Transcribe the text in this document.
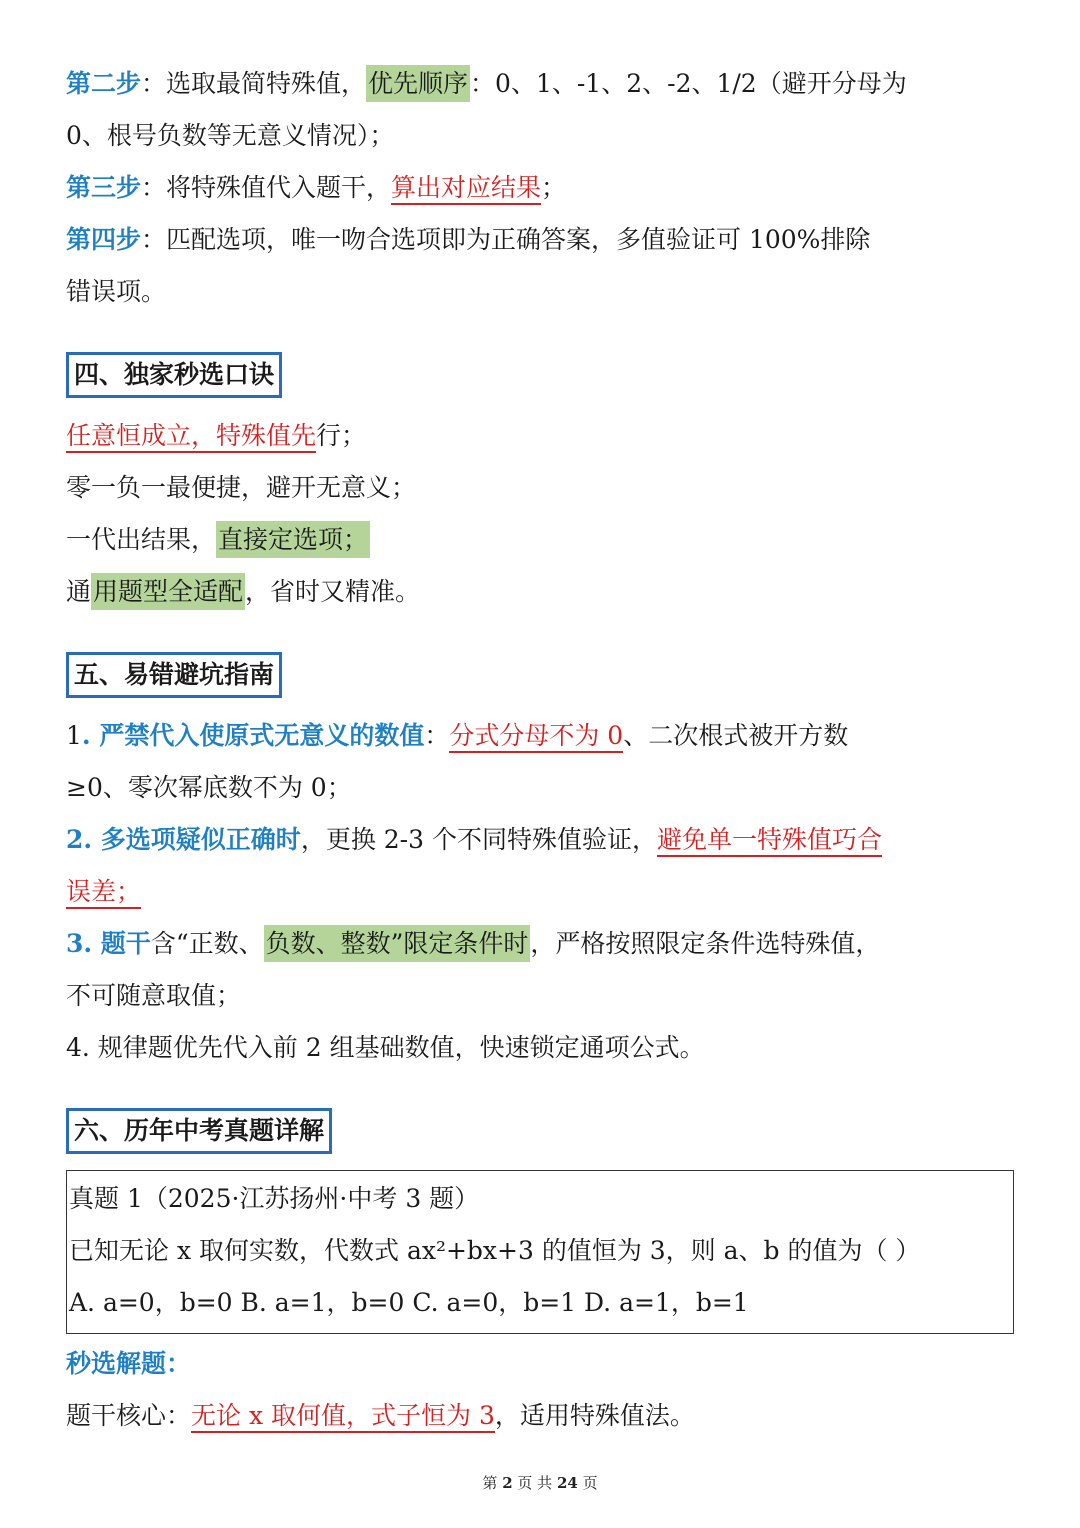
第二步：选取最简特殊值，优先顺序：0、1、-1、2、-2、1/2（避开分母为
0、根号负数等无意义情况）；
第三步：将特殊值代入题干，算出对应结果；
第四步：匹配选项，唯一吻合选项即为正确答案，多值验证可 100%排除
错误项。
四、独家秒选口诀
任意恒成立，特殊值先行；
零一负一最便捷，避开无意义；
一代出结果，直接定选项；
通用题型全适配，省时又精准。
五、易错避坑指南
1. 严禁代入使原式无意义的数值：分式分母不为 0、二次根式被开方数
≥0、零次幂底数不为 0；
2. 多选项疑似正确时，更换 2-3 个不同特殊值验证，避免单一特殊值巧合
误差；
3. 题干含“正数、负数、整数”限定条件时，严格按照限定条件选特殊值，
不可随意取值；
4. 规律题优先代入前 2 组基础数值，快速锁定通项公式。
六、历年中考真题详解
真题 1（2025·江苏扬州·中考 3 题）
已知无论 x 取何实数，代数式 ax²+bx+3 的值恒为 3，则 a、b 的值为（ ）
A. a=0，b=0 B. a=1，b=0 C. a=0，b=1 D. a=1，b=1
秒选解题：
题干核心：无论 x 取何值，式子恒为 3，适用特殊值法。
第 2 页 共 24 页
